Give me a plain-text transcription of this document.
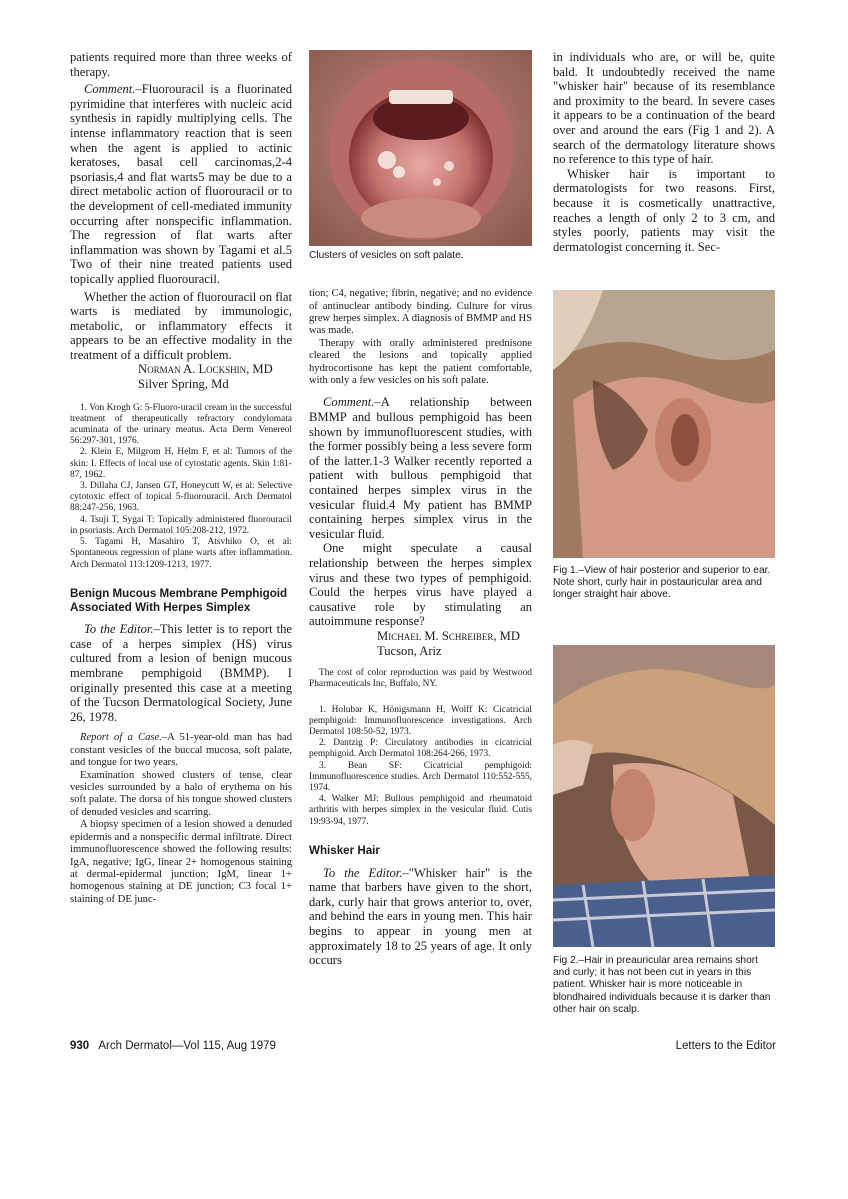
patients required more than three weeks of therapy.

Comment.–Fluorouracil is a fluorinated pyrimidine that interferes with nucleic acid synthesis in rapidly multiplying cells. The intense inflammatory reaction that is seen when the agent is applied to actinic keratoses, basal cell carcinomas,2-4 psoriasis,4 and flat warts5 may be due to a direct metabolic action of fluorouracil or to the development of cell-mediated immunity occurring after nonspecific inflammation. The regression of flat warts after inflammation was shown by Tagami et al.5 Two of their nine treated patients used topically applied fluorouracil.

Whether the action of fluorouracil on flat warts is mediated by immunologic, metabolic, or inflammatory effects it appears to be an effective modality in the treatment of a difficult problem.

Norman A. Lockshin, MD

Silver Spring, Md

1. Von Krogh G: 5-Fluoro-uracil cream in the successful treatment of therapeutically refractory condylomata acuminata of the urinary meatus. Acta Derm Venereol 56:297-301, 1976.

2. Klein E, Milgrom H, Helm F, et al: Tumors of the skin: I. Effects of local use of cytostatic agents. Skin 1:81-87, 1962.

3. Dillaha CJ, Jansen GT, Honeycutt W, et al: Selective cytotoxic effect of topical 5-fluorouracil. Arch Dermatol 88:247-256, 1963.

4. Tsuji T, Sygai T: Topically administered fluorouracil in psoriasis. Arch Dermatol 105:208-212, 1972.

5. Tagami H, Masahiro T, Atsvhiko O, et al: Spontaneous regression of plane warts after inflammation. Arch Dermatol 113:1209-1213, 1977.

Benign Mucous Membrane Pemphigoid Associated With Herpes Simplex

To the Editor.–This letter is to report the case of a herpes simplex (HS) virus cultured from a lesion of benign mucous membrane pemphigoid (BMMP). I originally presented this case at a meeting of the Tucson Dermatological Society, June 26, 1978.

Report of a Case.–A 51-year-old man has had constant vesicles of the buccal mucosa, soft palate, and tongue for two years.

Examination showed clusters of tense, clear vesicles surrounded by a halo of erythema on his soft palate. The dorsa of his tongue showed clusters of denuded vesicles and scarring.

A biopsy specimen of a lesion showed a denuded epidermis and a nonspecific dermal infiltrate. Direct immunofluorescence showed the following results: IgA, negative; IgG, linear 2+ homogenous staining at dermal-epidermal junction; IgM, linear 1+ homogenous staining at DE junction; C3 focal 1+ staining of DE junc-

Clusters of vesicles on soft palate.

tion; C4, negative; fibrin, negative; and no evidence of antinuclear antibody binding. Culture for virus grew herpes simplex. A diagnosis of BMMP and HS was made.

Therapy with orally administered prednisone cleared the lesions and topically applied hydrocortisone has kept the patient comfortable, with only a few vesicles on his soft palate.

Comment.–A relationship between BMMP and bullous pemphigoid has been shown by immunofluorescent studies, with the former possibly being a less severe form of the latter.1-3 Walker recently reported a patient with bullous pemphigoid that contained herpes simplex virus in the vesicular fluid.4 My patient has BMMP containing herpes simplex virus in the vesicular fluid.

One might speculate a causal relationship between the herpes simplex virus and these two types of pemphigoid. Could the herpes virus have played a causative role by stimulating an autoimmune response?

Michael M. Schreiber, MD

Tucson, Ariz

The cost of color reproduction was paid by Westwood Pharmaceuticals Inc, Buffalo, NY.

1. Holubar K, Hönigsmann H, Wolff K: Cicatricial pemphigoid: Immunofluorescence investigations. Arch Dermatol 108:50-52, 1973.

2. Dantzig P: Circulatory antibodies in cicatricial pemphigoid. Arch Dermatol 108:264-266, 1973.

3. Bean SF: Cicatricial pemphigoid: Immunofluorescence studies. Arch Dermatol 110:552-555, 1974.

4. Walker MJ: Bullous pemphigoid and rheumatoid arthritis with herpes simplex in the vesicular fluid. Cutis 19:93-94, 1977.

Whisker Hair

To the Editor.–"Whisker hair" is the name that barbers have given to the short, dark, curly hair that grows anterior to, over, and behind the ears in young men. This hair begins to appear in young men at approximately 18 to 25 years of age. It only occurs

in individuals who are, or will be, quite bald. It undoubtedly received the name "whisker hair" because of its resemblance and proximity to the beard. In severe cases it appears to be a continuation of the beard over and around the ears (Fig 1 and 2). A search of the dermatology literature shows no reference to this type of hair.

Whisker hair is important to dermatologists for two reasons. First, because it is cosmetically unattractive, reaches a length of only 2 to 3 cm, and styles poorly, patients may visit the dermatologist concerning it. Sec-

Fig 1.–View of hair posterior and superior to ear. Note short, curly hair in postauricular area and longer straight hair above.

Fig 2.–Hair in preauricular area remains short and curly; it has not been cut in years in this patient. Whisker hair is more noticeable in blondhaired individuals because it is darker than other hair on scalp.

930 Arch Dermatol—Vol 115, Aug 1979	Letters to the Editor
